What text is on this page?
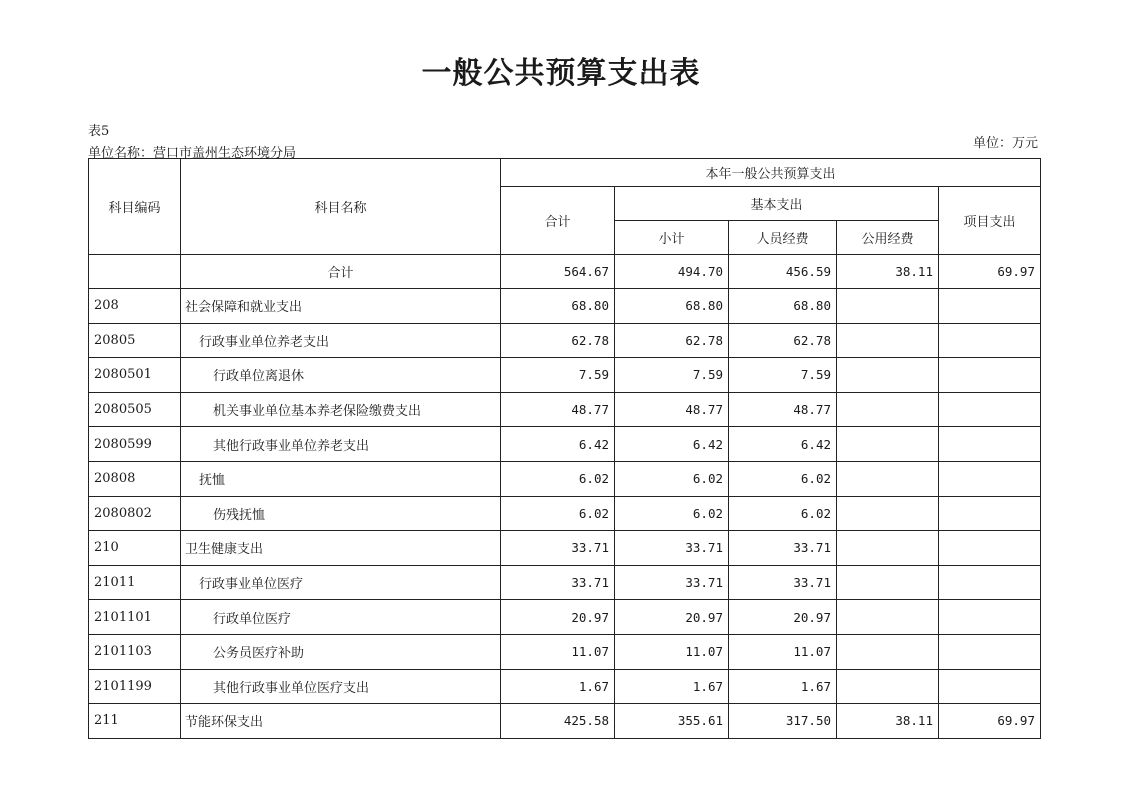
一般公共预算支出表
表5
单位名称：营口市盖州生态环境分局
单位：万元
科目编码	科目名称	本年一般公共预算支出				
		合计	基本支出			项目支出
			小计	人员经费	公用经费	
	合计	564.67	494.70	456.59	38.11	69.97
208	社会保障和就业支出	68.80	68.80	68.80		
20805	行政事业单位养老支出	62.78	62.78	62.78		
2080501	行政单位离退休	7.59	7.59	7.59		
2080505	机关事业单位基本养老保险缴费支出	48.77	48.77	48.77		
2080599	其他行政事业单位养老支出	6.42	6.42	6.42		
20808	抚恤	6.02	6.02	6.02		
2080802	伤残抚恤	6.02	6.02	6.02		
210	卫生健康支出	33.71	33.71	33.71		
21011	行政事业单位医疗	33.71	33.71	33.71		
2101101	行政单位医疗	20.97	20.97	20.97		
2101103	公务员医疗补助	11.07	11.07	11.07		
2101199	其他行政事业单位医疗支出	1.67	1.67	1.67		
211	节能环保支出	425.58	355.61	317.50	38.11	69.97
